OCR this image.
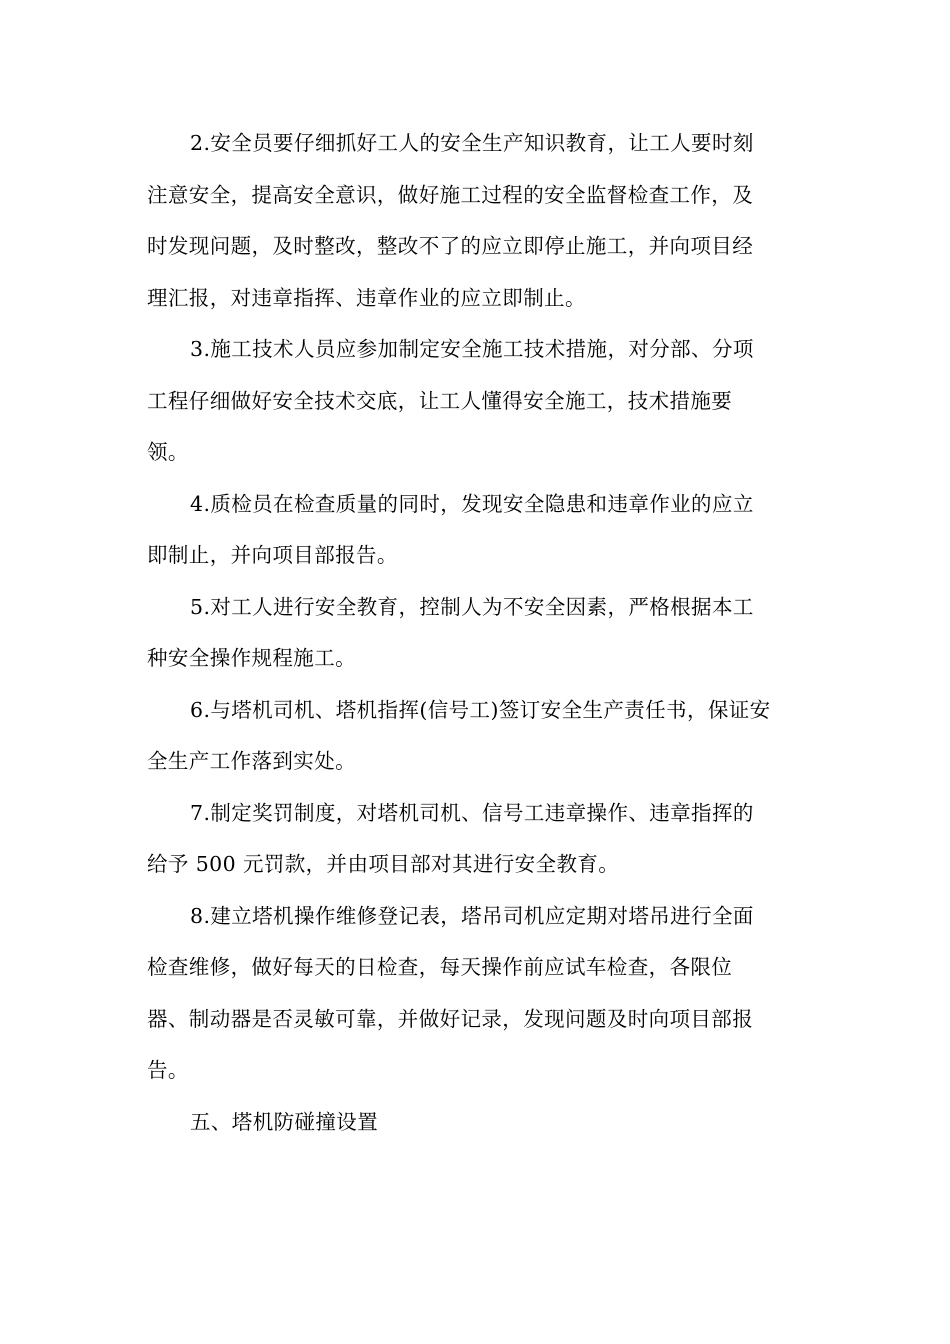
2.安全员要仔细抓好工人的安全生产知识教育，让工人要时刻
注意安全，提高安全意识，做好施工过程的安全监督检查工作，及
时发现问题，及时整改，整改不了的应立即停止施工，并向项目经
理汇报，对违章指挥、违章作业的应立即制止。
3.施工技术人员应参加制定安全施工技术措施，对分部、分项
工程仔细做好安全技术交底，让工人懂得安全施工，技术措施要
领。
4.质检员在检查质量的同时，发现安全隐患和违章作业的应立
即制止，并向项目部报告。
5.对工人进行安全教育，控制人为不安全因素，严格根据本工
种安全操作规程施工。
6.与塔机司机、塔机指挥(信号工)签订安全生产责任书，保证安
全生产工作落到实处。
7.制定奖罚制度，对塔机司机、信号工违章操作、违章指挥的
给予 500 元罚款，并由项目部对其进行安全教育。
8.建立塔机操作维修登记表，塔吊司机应定期对塔吊进行全面
检查维修，做好每天的日检查，每天操作前应试车检查，各限位
器、制动器是否灵敏可靠，并做好记录，发现问题及时向项目部报
告。
五、塔机防碰撞设置
